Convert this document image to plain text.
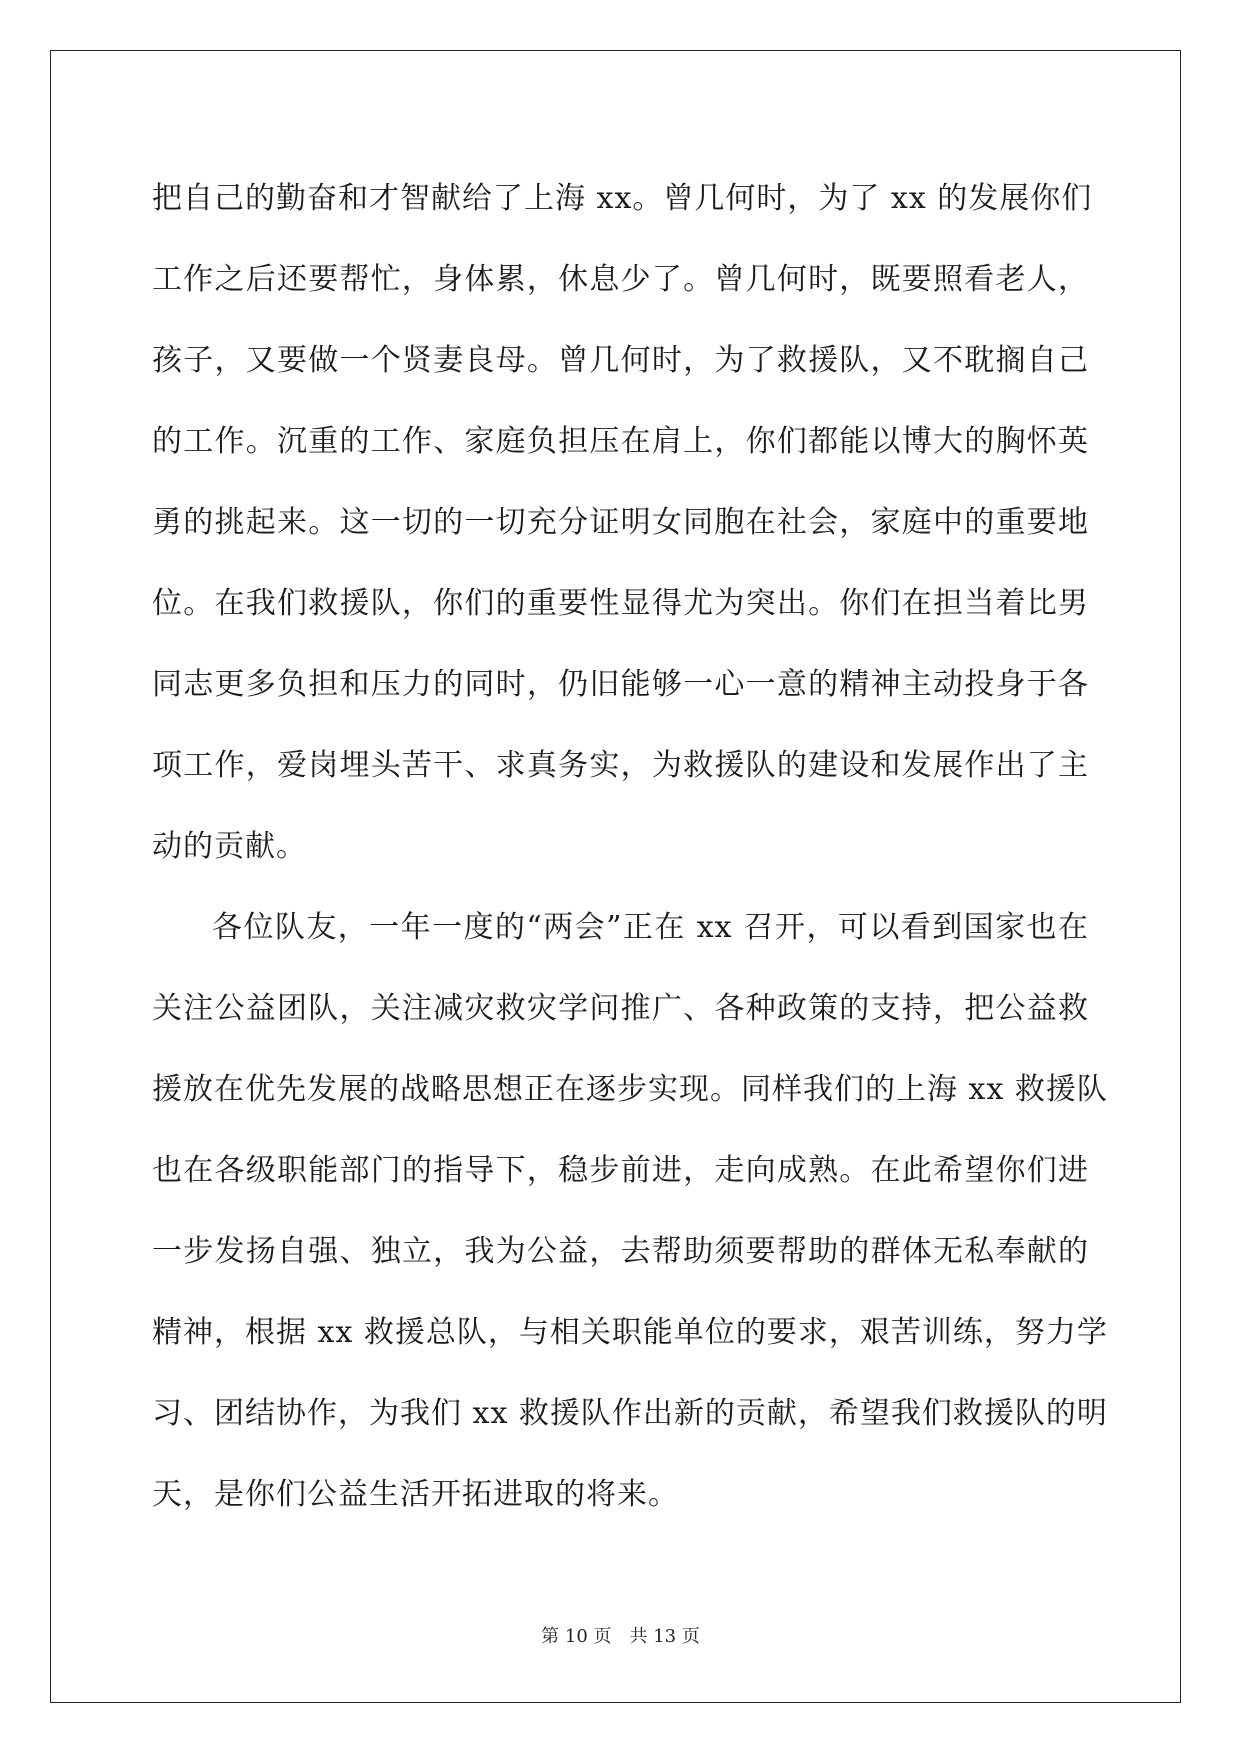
把自己的勤奋和才智献给了上海 xx。曾几何时，为了 xx 的发展你们
工作之后还要帮忙，身体累，休息少了。曾几何时，既要照看老人，
孩子，又要做一个贤妻良母。曾几何时，为了救援队，又不耽搁自己
的工作。沉重的工作、家庭负担压在肩上，你们都能以博大的胸怀英
勇的挑起来。这一切的一切充分证明女同胞在社会，家庭中的重要地
位。在我们救援队，你们的重要性显得尤为突出。你们在担当着比男
同志更多负担和压力的同时，仍旧能够一心一意的精神主动投身于各
项工作，爱岗埋头苦干、求真务实，为救援队的建设和发展作出了主
动的贡献。
各位队友，一年一度的“两会”正在 xx 召开，可以看到国家也在
关注公益团队，关注减灾救灾学问推广、各种政策的支持，把公益救
援放在优先发展的战略思想正在逐步实现。同样我们的上海 xx 救援队
也在各级职能部门的指导下，稳步前进，走向成熟。在此希望你们进
一步发扬自强、独立，我为公益，去帮助须要帮助的群体无私奉献的
精神，根据 xx 救援总队，与相关职能单位的要求，艰苦训练，努力学
习、团结协作，为我们 xx 救援队作出新的贡献，希望我们救援队的明
天，是你们公益生活开拓进取的将来。
第 10 页　共 13 页
